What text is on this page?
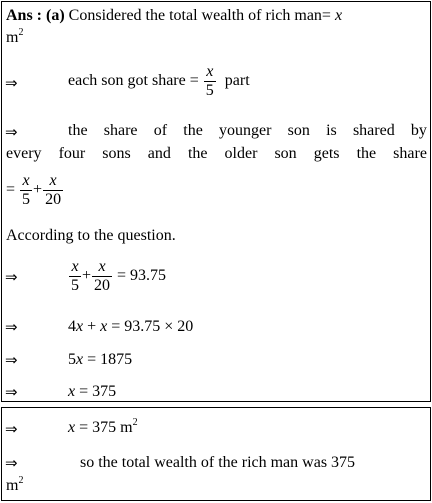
Ans : (a) Considered the total wealth of rich man= x
$m^2$
⇒	each son got share = $\frac{x}{5}$ part
⇒	the share of the younger son is shared by
every four sons and the older son gets the share
= $\frac{x}{5} + \frac{x}{20}$
According to the question.
⇒	$\frac{x}{5} + \frac{x}{20} = 93.75$
⇒	4x + x = 93.75 × 20
⇒	5x = 1875
⇒	x = 375
⇒	x = 375 $m^2$
⇒	so the total wealth of the rich man was 375
$m^2$
